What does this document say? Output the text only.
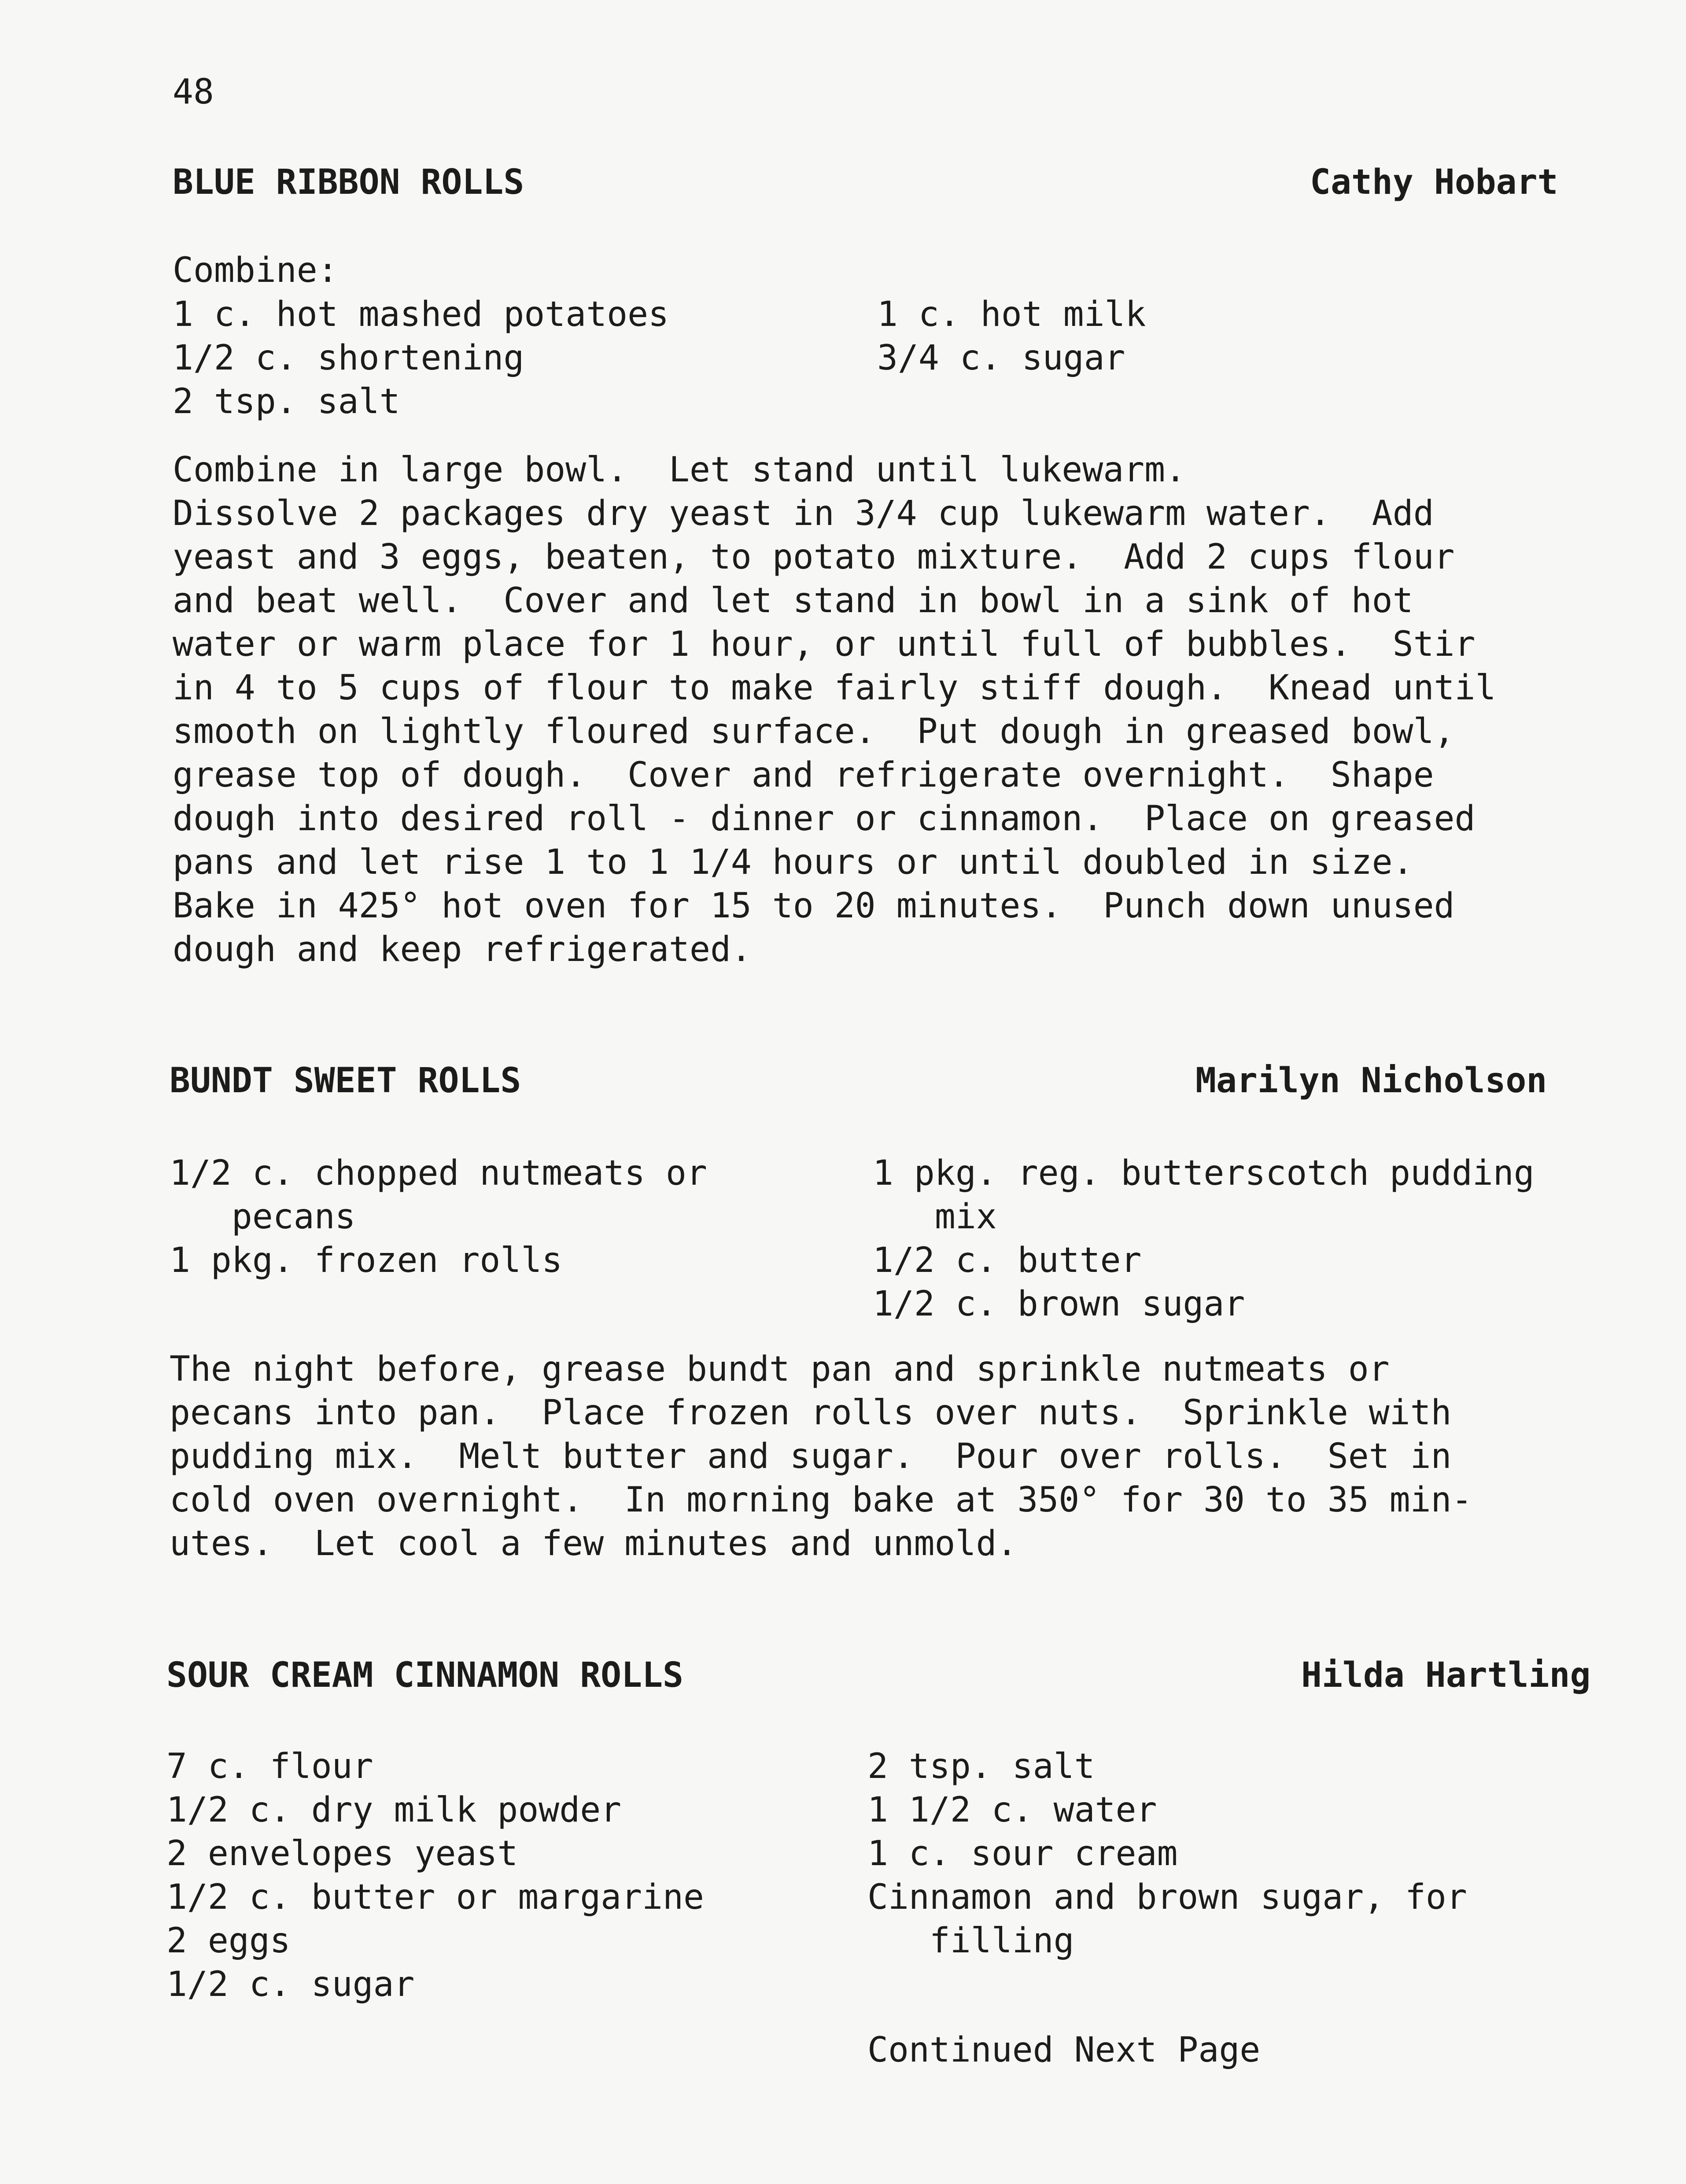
48
BLUE RIBBON ROLLS	Cathy Hobart
Combine:
1 c. hot mashed potatoes
1/2 c. shortening
2 tsp. salt
1 c. hot milk
3/4 c. sugar
Combine in large bowl.  Let stand until lukewarm.
Dissolve 2 packages dry yeast in 3/4 cup lukewarm water.  Add
yeast and 3 eggs, beaten, to potato mixture.  Add 2 cups flour
and beat well.  Cover and let stand in bowl in a sink of hot
water or warm place for 1 hour, or until full of bubbles.  Stir
in 4 to 5 cups of flour to make fairly stiff dough.  Knead until
smooth on lightly floured surface.  Put dough in greased bowl,
grease top of dough.  Cover and refrigerate overnight.  Shape
dough into desired roll - dinner or cinnamon.  Place on greased
pans and let rise 1 to 1 1/4 hours or until doubled in size.
Bake in 425° hot oven for 15 to 20 minutes.  Punch down unused
dough and keep refrigerated.
BUNDT SWEET ROLLS	Marilyn Nicholson
1/2 c. chopped nutmeats or
pecans
1 pkg. frozen rolls
1 pkg. reg. butterscotch pudding
mix
1/2 c. butter
1/2 c. brown sugar
The night before, grease bundt pan and sprinkle nutmeats or
pecans into pan.  Place frozen rolls over nuts.  Sprinkle with
pudding mix.  Melt butter and sugar.  Pour over rolls.  Set in
cold oven overnight.  In morning bake at 350° for 30 to 35 min-
utes.  Let cool a few minutes and unmold.
SOUR CREAM CINNAMON ROLLS	Hilda Hartling
7 c. flour
1/2 c. dry milk powder
2 envelopes yeast
1/2 c. butter or margarine
2 eggs
1/2 c. sugar
2 tsp. salt
1 1/2 c. water
1 c. sour cream
Cinnamon and brown sugar, for
filling
Continued Next Page
